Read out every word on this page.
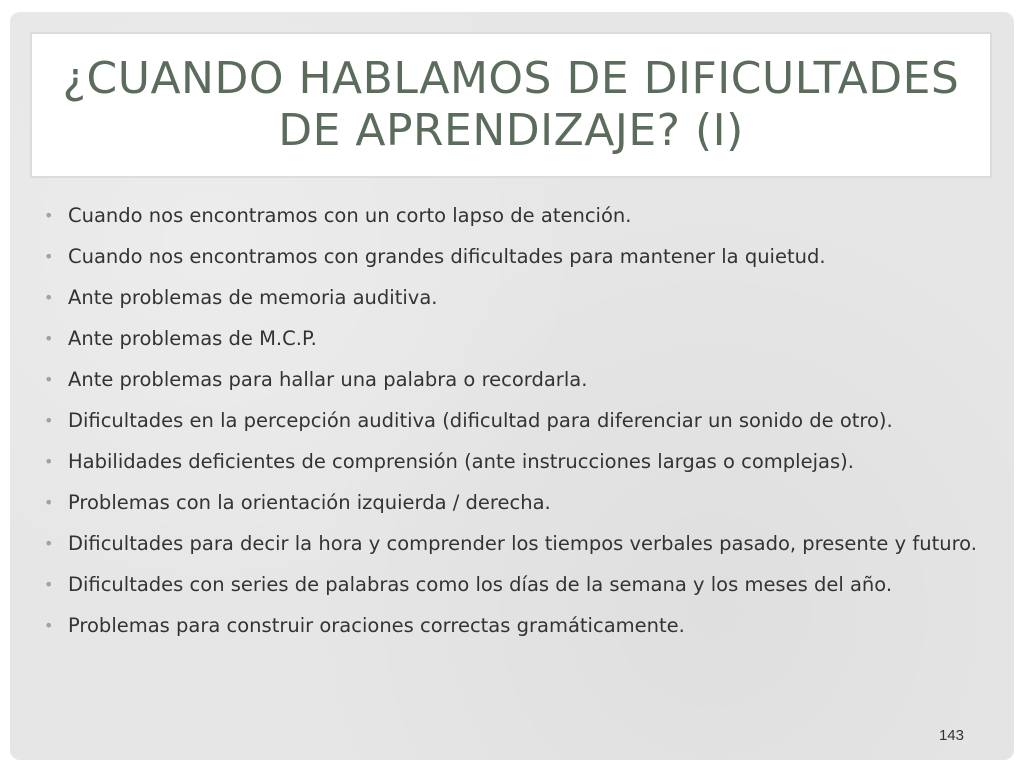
¿CUANDO HABLAMOS DE DIFICULTADES DE APRENDIZAJE? (I)
• Cuando nos encontramos con un corto lapso de atención.
• Cuando nos encontramos con grandes dificultades para mantener la quietud.
• Ante problemas de memoria auditiva.
• Ante problemas de M.C.P.
• Ante problemas para hallar una palabra o recordarla.
• Dificultades en la percepción auditiva (dificultad para diferenciar un sonido de otro).
• Habilidades deficientes de comprensión (ante instrucciones largas o complejas).
• Problemas con la orientación izquierda / derecha.
• Dificultades para decir la hora y comprender los tiempos verbales pasado, presente y futuro.
• Dificultades con series de palabras como los días de la semana y los meses del año.
• Problemas para construir oraciones correctas gramáticamente.
143
